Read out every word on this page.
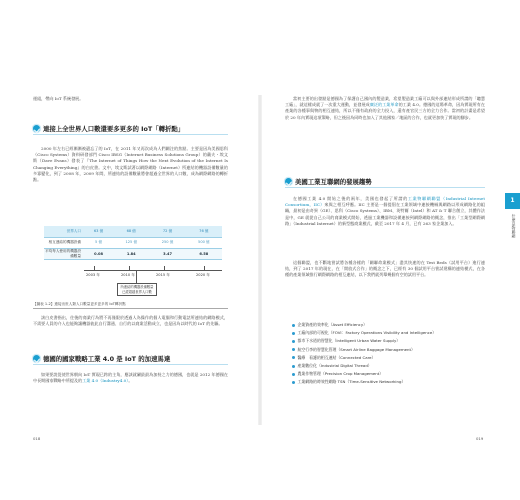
運組，帶向 IoT 系統發展。
連接上全世界人口數還要多更多的 IoT「轉折點」
2000 年左右已經漸漸被遺忘了的 IoT，在 2011 年又再次成為人們關注的焦點。主要是因為美國思科（Cisco Systems）資料研發部門 Cisco IBSG（Internet Business Solutions Group）的戴夫・埃文斯（Dave Evans）發表了『The Internet of Things How the Next Evolution of the Internet Is Changing Everything』的白皮書。文中，埃文斯試著以網際網路（Internet）所連結的機器設備數量的多寡變化，到了 2008 年，2009 年間，所連結的設備數量將會超過全世界的人口數，成為網際網路的轉折點。
世界人口	63 億	68 億	72 億	76 億
相互連結的機器設備	5 億	125 億	250 億	500 億
平均每人使用的機器設備數量	0.08	1.84	3.47	6.58
2003 年	2010 年	2015 年	2020 年
所連結的機器設備數量已經超越世界人口數
【圖表 1-2】連接出世人類人口數量更多更多的 IoT轉折點
該白皮書指出，往後的商業行為將不再僅限於透過人為操作的個人電腦和行動電話所連結的網路模式，不需要人員的介入也能夠讓機器彼此自行溝通、自行的以商業活動成立，也是因為以時代的 IoT 的先驅。
德國的國家戰略工業 4.0 是 IoT 的加速馬達
如果要說促使世界朝向 IoT 實現已跨的主角，應該就屬最最為加持之力的德國，也就是 2012 年德國在中長期國家戰略中所提及的工業 4.0（Industry4.0）。
018
當初主要的出發點是德國為了保護自己國內的製造業，希望製造業工廠可以與外部連結形成所謂的「聰慧工廠」，就這樣成就了一次重大運動，並發展成廣泛的工業革命的工業 4.0。德國的這場革命，因為實現所有在產業的各種事與物的相互連結，所以不僅有政府的全力投入，還有產官民三方的全力合作。當初的計畫是希望於 20 年內實現這項策略，但之後因為同時也加入了其他國家／地區的合作，也就更加快了實現的腳步。
美國工業互聯網的發展趨勢
在德國工業 4.0 開始之後的兩年，美國也發起了所謂的工業物聯網聯盟（Industrial Internet Consortium，IIC）來與之相互呼應。IIC 主要是一個提倡在工業領域中連接機械與網路以形成網路化的組織，最初是由奇異（GE）、思科（Cisco Systems）、IBM、英特爾（Intel）和 AT & T 聯合創立，其體作法是中，GE 就從自己公司的商業模式開始，透過工業機器和設備連接到網際網路的概念，推出「工業型網際網路」（Industrial Internet）的新型態商業模式，截至 2017 年 4 月，已有 263 家企業加入。
這個聯盟，也不斷地嘗試將各種各樣的「關聯命業模式」盡其快速的在 Test Beds（試用平台）進行連結，到了 2017 年的現在，在「開放式合作」的概念之下，已經有 30 個試用平台嘗試建構的連結模式，在各種的產業領域推行網際網路的相互連結，以下我們就列舉幾個有空的試用平台。
企業資產的效率化（Asset Efficiency）
工廠內部的可視化（FOVI：Factory Operations Visibility and Intelligence）
都市下水道的智慧化（Intelligent Urban Water Supply）
航空行李的智慧化管理（Smart Airline Baggage Management）
醫療　看護的相互連結（Connected Care）
產業數位化（Industrial Digital Thread）
農業作物管理（Precision Crop Management）
工業網路的時效性網路 TSN（Time-Sensitive Networking）
1
什麼是物聯網
019
